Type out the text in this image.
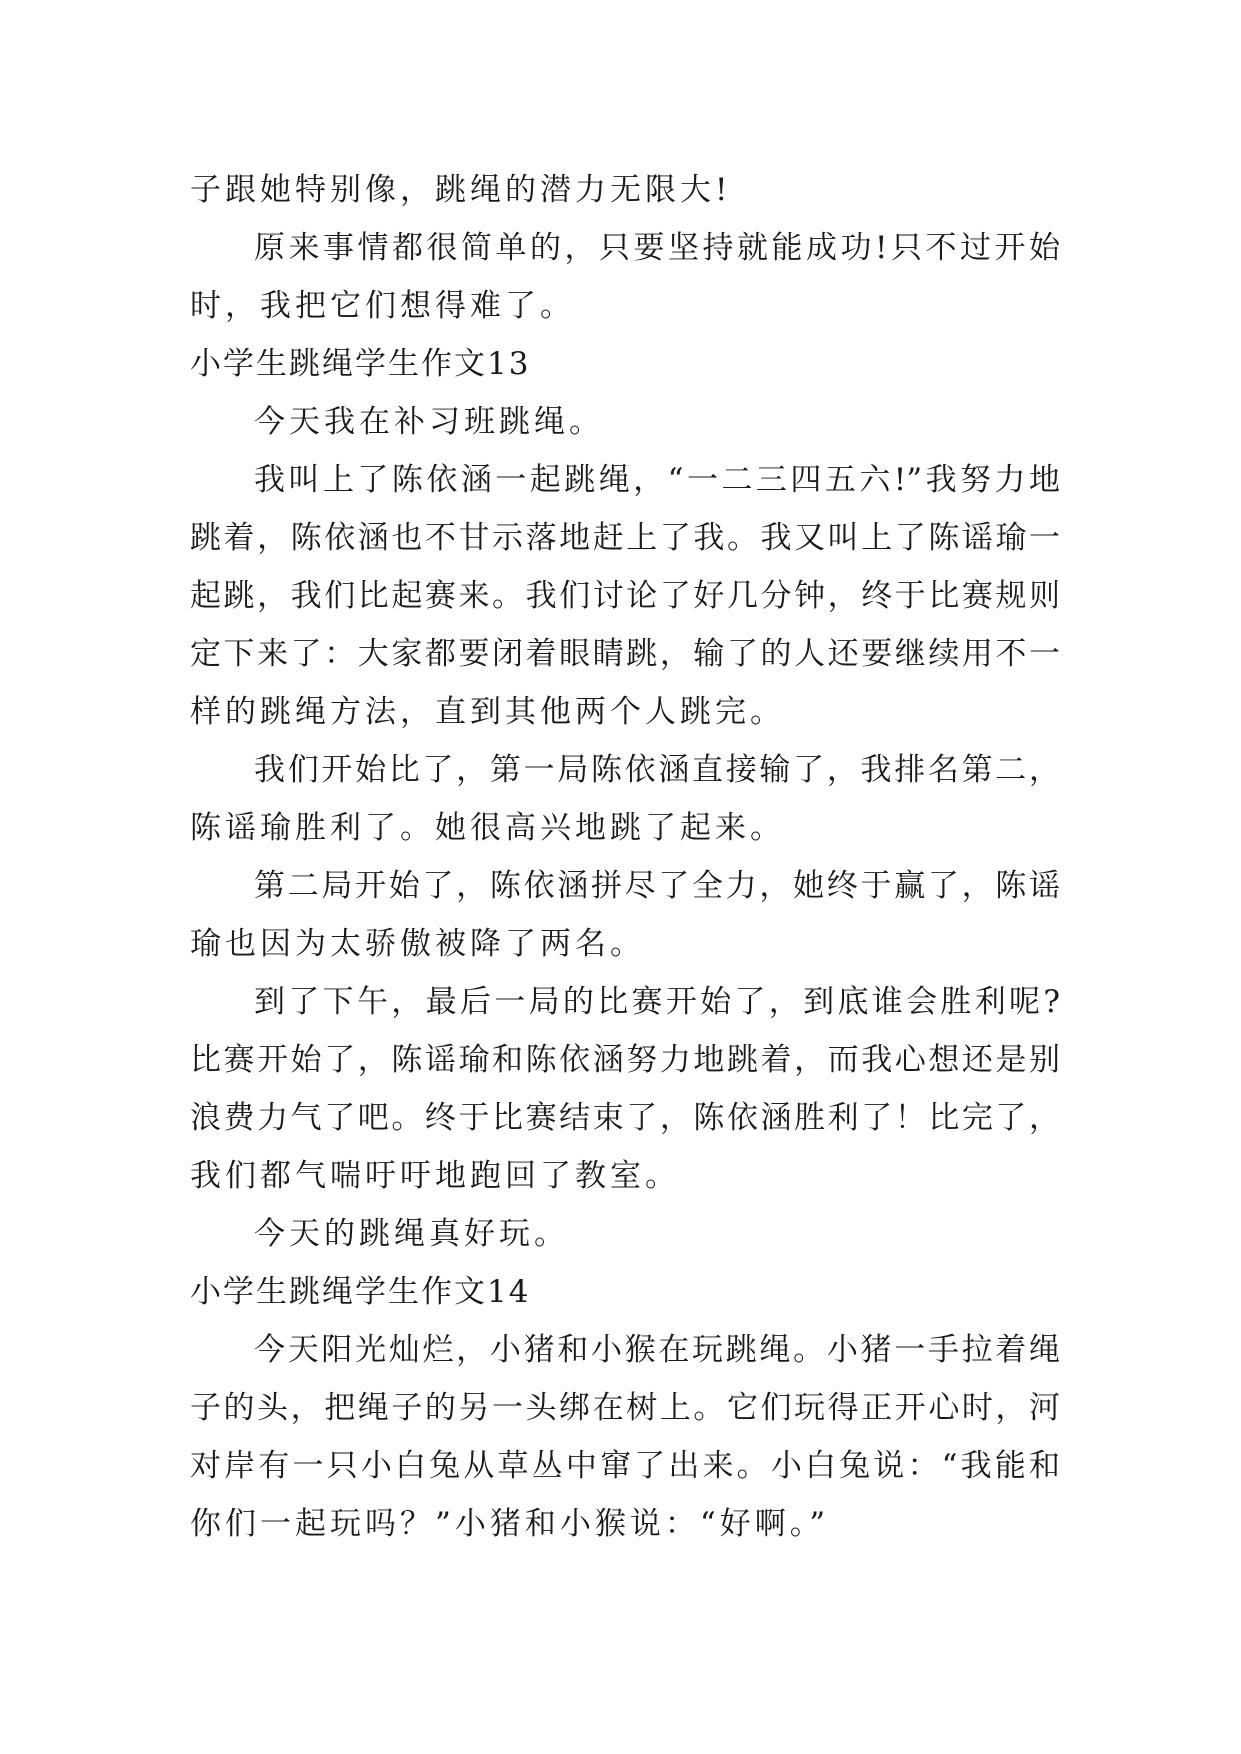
子跟她特别像，跳绳的潜力无限大!
原来事情都很简单的，只要坚持就能成功!只不过开始
时，我把它们想得难了。
小学生跳绳学生作文13
今天我在补习班跳绳。
我叫上了陈依涵一起跳绳，“一二三四五六!”我努力地
跳着，陈依涵也不甘示落地赶上了我。我又叫上了陈谣瑜一
起跳，我们比起赛来。我们讨论了好几分钟，终于比赛规则
定下来了：大家都要闭着眼睛跳，输了的人还要继续用不一
样的跳绳方法，直到其他两个人跳完。
我们开始比了，第一局陈依涵直接输了，我排名第二，
陈谣瑜胜利了。她很高兴地跳了起来。
第二局开始了，陈依涵拼尽了全力，她终于赢了，陈谣
瑜也因为太骄傲被降了两名。
到了下午，最后一局的比赛开始了，到底谁会胜利呢?
比赛开始了，陈谣瑜和陈依涵努力地跳着，而我心想还是别
浪费力气了吧。终于比赛结束了，陈依涵胜利了！比完了，
我们都气喘吁吁地跑回了教室。
今天的跳绳真好玩。
小学生跳绳学生作文14
今天阳光灿烂，小猪和小猴在玩跳绳。小猪一手拉着绳
子的头，把绳子的另一头绑在树上。它们玩得正开心时，河
对岸有一只小白兔从草丛中窜了出来。小白兔说：“我能和
你们一起玩吗？”小猪和小猴说：“好啊。”
